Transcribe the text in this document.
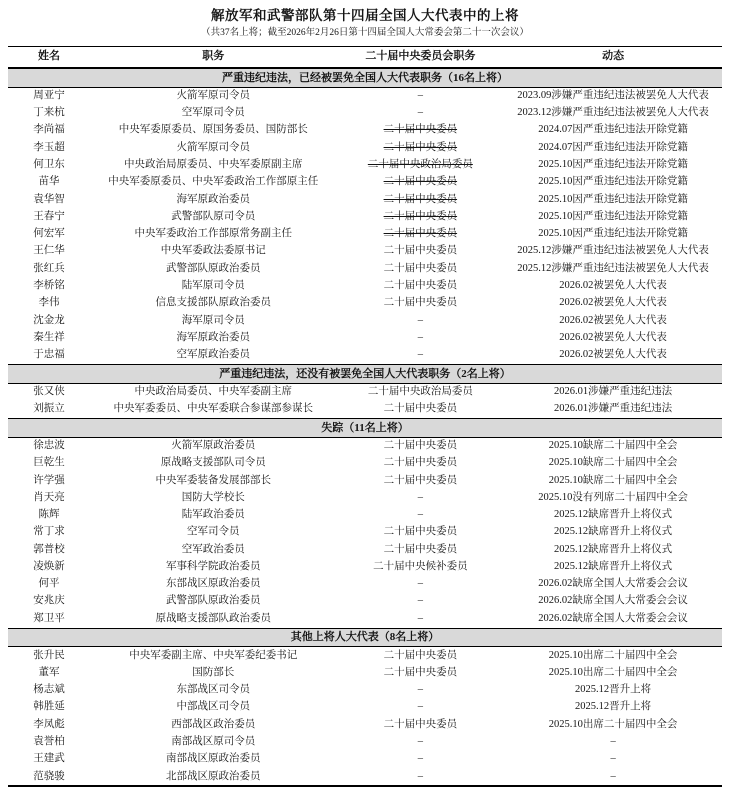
解放军和武警部队第十四届全国人大代表中的上将
（共37名上将；截至2026年2月26日第十四届全国人大常委会第二十一次会议）
姓名	职务	二十届中央委员会职务	动态
严重违纪违法，已经被罢免全国人大代表职务（16名上将）			
周亚宁	火箭军原司令员	–	2023.09涉嫌严重违纪违法被罢免人大代表
丁来杭	空军原司令员	–	2023.12涉嫌严重违纪违法被罢免人大代表
李尚福	中央军委原委员、原国务委员、国防部长	二十届中央委员	2024.07因严重违纪违法开除党籍
李玉超	火箭军原司令员	二十届中央委员	2024.07因严重违纪违法开除党籍
何卫东	中央政治局原委员、中央军委原副主席	二十届中央政治局委员	2025.10因严重违纪违法开除党籍
苗华	中央军委原委员、中央军委政治工作部原主任	二十届中央委员	2025.10因严重违纪违法开除党籍
袁华智	海军原政治委员	二十届中央委员	2025.10因严重违纪违法开除党籍
王春宁	武警部队原司令员	二十届中央委员	2025.10因严重违纪违法开除党籍
何宏军	中央军委政治工作部原常务副主任	二十届中央委员	2025.10因严重违纪违法开除党籍
王仁华	中央军委政法委原书记	二十届中央委员	2025.12涉嫌严重违纪违法被罢免人大代表
张红兵	武警部队原政治委员	二十届中央委员	2025.12涉嫌严重违纪违法被罢免人大代表
李桥铭	陆军原司令员	二十届中央委员	2026.02被罢免人大代表
李伟	信息支援部队原政治委员	二十届中央委员	2026.02被罢免人大代表
沈金龙	海军原司令员	–	2026.02被罢免人大代表
秦生祥	海军原政治委员	–	2026.02被罢免人大代表
于忠福	空军原政治委员	–	2026.02被罢免人大代表
严重违纪违法，还没有被罢免全国人大代表职务（2名上将）			
张又侠	中央政治局委员、中央军委副主席	二十届中央政治局委员	2026.01涉嫌严重违纪违法
刘振立	中央军委委员、中央军委联合参谋部参谋长	二十届中央委员	2026.01涉嫌严重违纪违法
失踪（11名上将）			
徐忠波	火箭军原政治委员	二十届中央委员	2025.10缺席二十届四中全会
巨乾生	原战略支援部队司令员	二十届中央委员	2025.10缺席二十届四中全会
许学强	中央军委装备发展部部长	二十届中央委员	2025.10缺席二十届四中全会
肖天亮	国防大学校长	–	2025.10没有列席二十届四中全会
陈辉	陆军政治委员	–	2025.12缺席晋升上将仪式
常丁求	空军司令员	二十届中央委员	2025.12缺席晋升上将仪式
郭普校	空军政治委员	二十届中央委员	2025.12缺席晋升上将仪式
凌焕新	军事科学院政治委员	二十届中央候补委员	2025.12缺席晋升上将仪式
何平	东部战区原政治委员	–	2026.02缺席全国人大常委会会议
安兆庆	武警部队原政治委员	–	2026.02缺席全国人大常委会会议
郑卫平	原战略支援部队政治委员	–	2026.02缺席全国人大常委会会议
其他上将人大代表（8名上将）			
张升民	中央军委副主席、中央军委纪委书记	二十届中央委员	2025.10出席二十届四中全会
董军	国防部长	二十届中央委员	2025.10出席二十届四中全会
杨志斌	东部战区司令员	–	2025.12晋升上将
韩胜延	中部战区司令员	–	2025.12晋升上将
李凤彪	西部战区政治委员	二十届中央委员	2025.10出席二十届四中全会
袁誉柏	南部战区原司令员	–	–
王建武	南部战区原政治委员	–	–
范骁骏	北部战区原政治委员	–	–
